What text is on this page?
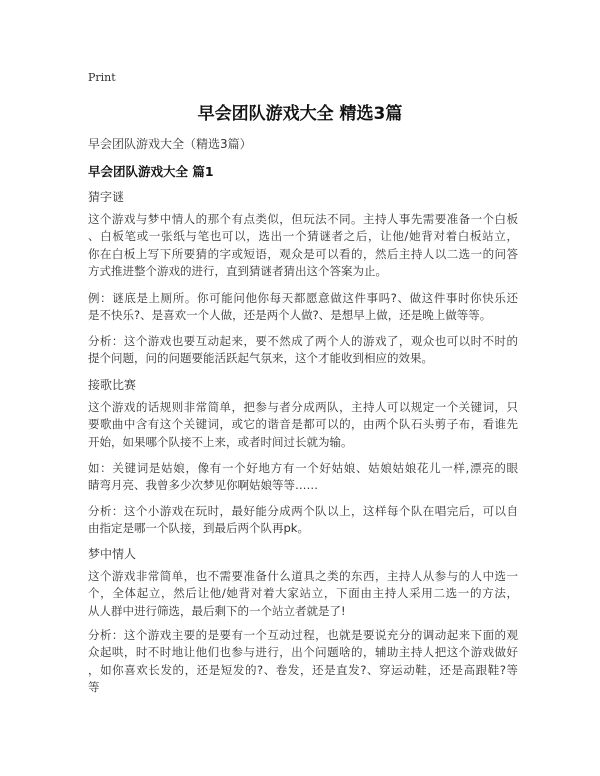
Print
早会团队游戏大全 精选3篇
早会团队游戏大全（精选3篇）
早会团队游戏大全 篇1
猜字谜
这个游戏与梦中情人的那个有点类似，但玩法不同。主持人事先需要准备一个白板
、白板笔或一张纸与笔也可以，选出一个猜谜者之后，让他/她背对着白板站立，
你在白板上写下所要猜的字或短语，观众是可以看的，然后主持人以二选一的问答
方式推进整个游戏的进行，直到猜谜者猜出这个答案为止。
例：谜底是上厕所。你可能问他你每天都愿意做这件事吗?、做这件事时你快乐还
是不快乐?、是喜欢一个人做，还是两个人做?、是想早上做，还是晚上做等等。
分析：这个游戏也要互动起来，要不然成了两个人的游戏了，观众也可以时不时的
提个问题，问的问题要能活跃起气氛来，这个才能收到相应的效果。
接歌比赛
这个游戏的话规则非常简单，把参与者分成两队，主持人可以规定一个关键词，只
要歌曲中含有这个关键词，或它的谐音是都可以的，由两个队石头剪子布，看谁先
开始，如果哪个队接不上来，或者时间过长就为输。
如：关键词是姑娘，像有一个好地方有一个好姑娘、姑娘姑娘花儿一样,漂亮的眼
睛弯月亮、我曾多少次梦见你啊姑娘等等……
分析：这个小游戏在玩时，最好能分成两个队以上，这样每个队在唱完后，可以自
由指定是哪一个队接，到最后两个队再pk。
梦中情人
这个游戏非常简单，也不需要准备什么道具之类的东西，主持人从参与的人中选一
个，全体起立，然后让他/她背对着大家站立，下面由主持人采用二选一的方法，
从人群中进行筛选，最后剩下的一个站立者就是了!
分析：这个游戏主要的是要有一个互动过程，也就是要说充分的调动起来下面的观
众起哄，时不时地让他们也参与进行，出个问题啥的，辅助主持人把这个游戏做好
，如你喜欢长发的，还是短发的?、卷发，还是直发?、穿运动鞋，还是高跟鞋?等
等
